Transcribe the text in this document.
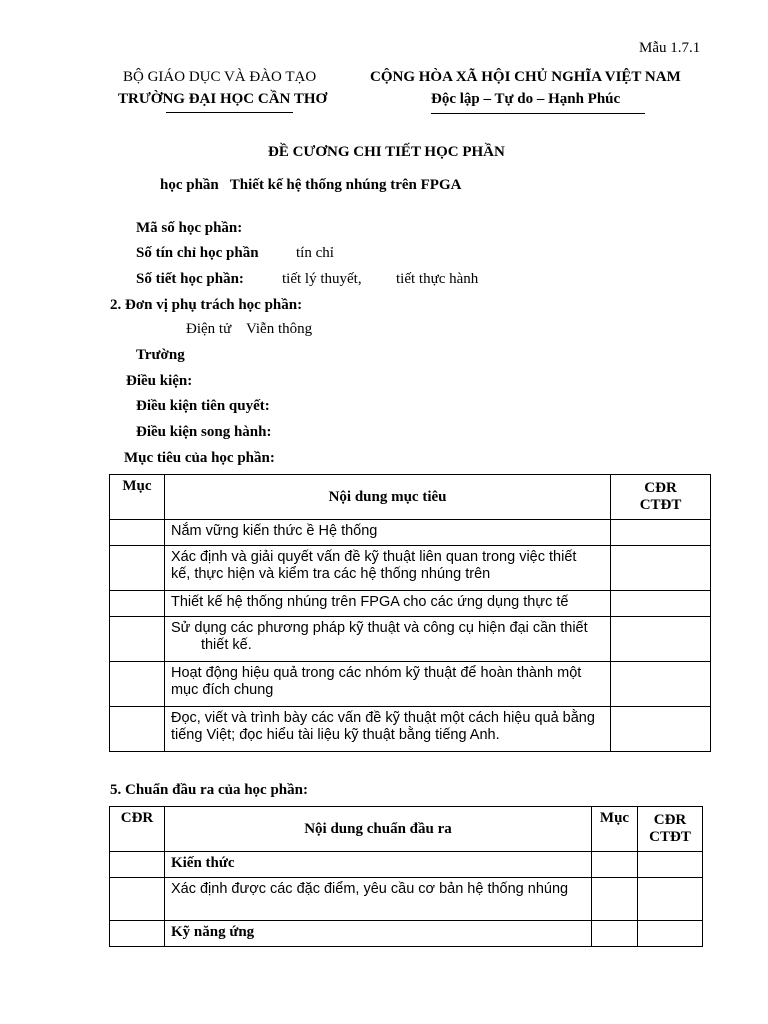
Mẫu 1.7.1
BỘ GIÁO DỤC VÀ ĐÀO TẠO
TRƯỜNG ĐẠI HỌC CẦN THƠ
CỘNG HÒA XÃ HỘI CHỦ NGHĨA VIỆT NAM
Độc lập – Tự do – Hạnh Phúc
ĐỀ CƯƠNG CHI TIẾT HỌC PHẦN
học phần Thiết kế hệ thống nhúng trên FPGA
Mã số học phần:
Số tín chỉ học phần tín chỉ
Số tiết học phần:	tiết lý thuyết, tiết thực hành
2. Đơn vị phụ trách học phần:
Điện tử Viễn thông
Trường
Điều kiện:
Điều kiện tiên quyết:
Điều kiện song hành:
Mục tiêu của học phần:
Mục	Nội dung mục tiêu	CĐR
CTĐT

	Nắm vững kiến thức ề Hệ thống	

	Xác định và giải quyết vấn đề kỹ thuật liên quan trong việc thiết
kế, thực hiện và kiểm tra các hệ thống nhúng trên	

	Thiết kế hệ thống nhúng trên FPGA cho các ứng dụng thực tế	

	Sử dụng các phương pháp kỹ thuật và công cụ hiện đại cần thiết
thiết kế.	

	Hoạt động hiệu quả trong các nhóm kỹ thuật để hoàn thành một
mục đích chung	

	Đọc, viết và trình bày các vấn đề kỹ thuật một cách hiệu quả bằng
tiếng Việt; đọc hiểu tài liệu kỹ thuật bằng tiếng Anh.	

5. Chuẩn đầu ra của học phần:
CĐR	Nội dung chuẩn đầu ra	Mục	CĐR
CTĐT

	Kiến thức		
	Xác định được các đặc điểm, yêu cầu cơ bản hệ thống nhúng		
	Kỹ năng ứng		
